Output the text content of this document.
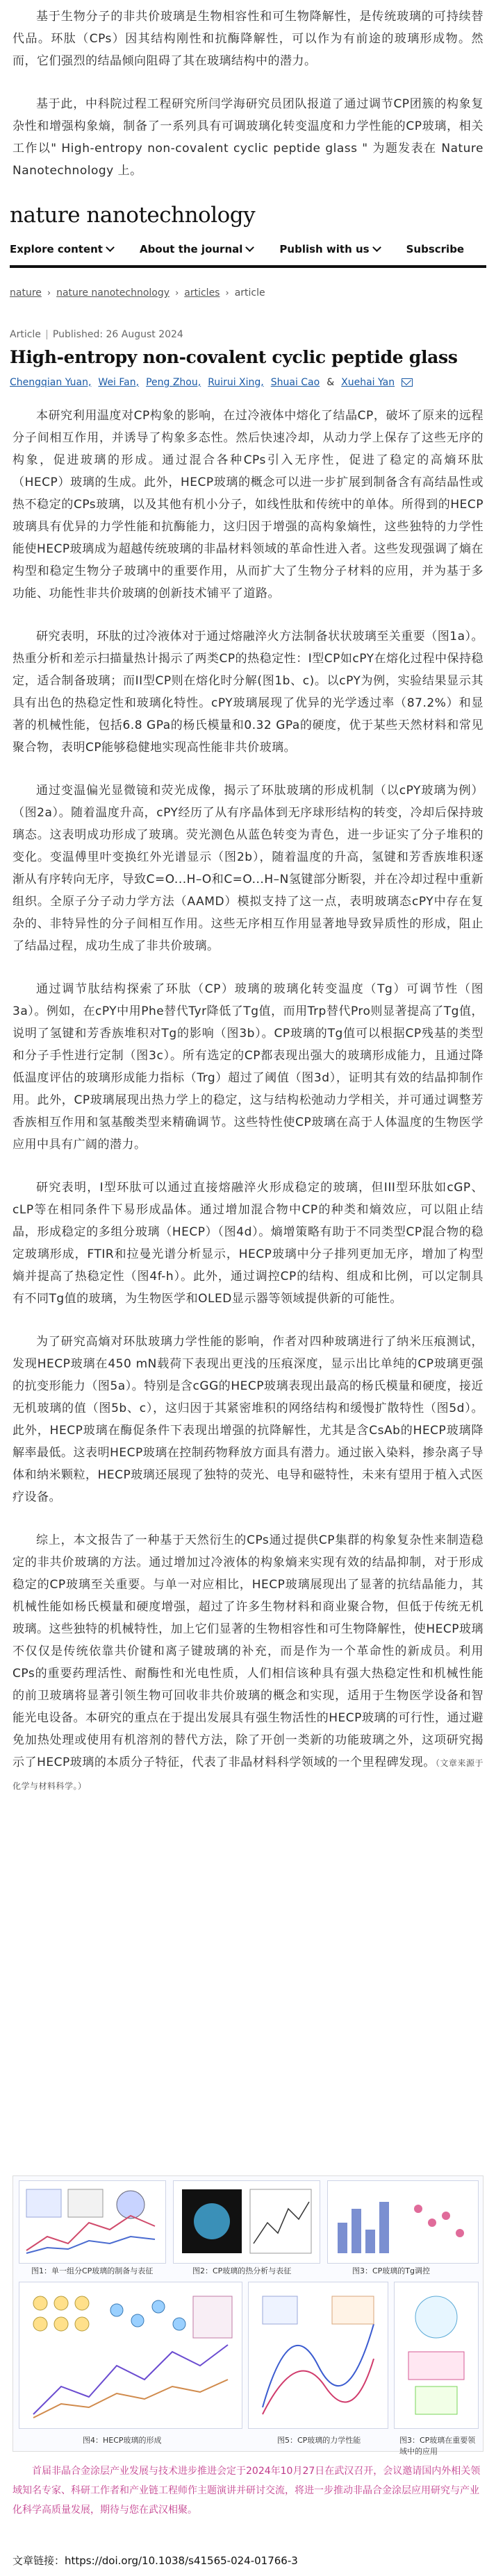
基于生物分子的非共价玻璃是生物相容性和可生物降解性，是传统玻璃的可持续替代品。环肽（CPs）因其结构刚性和抗酶降解性，可以作为有前途的玻璃形成物。然而，它们强烈的结晶倾向阻碍了其在玻璃结构中的潜力。

基于此，中科院过程工程研究所闫学海研究员团队报道了通过调节CP团簇的构象复杂性和增强构象熵，制备了一系列具有可调玻璃化转变温度和力学性能的CP玻璃，相关工作以" High-entropy non-covalent cyclic peptide glass " 为题发表在 Nature Nanotechnology 上。

nature nanotechnology
Explore content	About the journal	Publish with us	Subscribe
nature › nature nanotechnology › articles › article
Article Published: 26 August 2024
High-entropy non-covalent cyclic peptide glass
Chengqian Yuan, Wei Fan, Peng Zhou, Ruirui Xing, Shuai Cao & Xuehai Yan

本研究利用温度对CP构象的影响，在过冷液体中熔化了结晶CP，破坏了原来的远程分子间相互作用，并诱导了构象多态性。然后快速冷却，从动力学上保存了这些无序的构象，促进玻璃的形成。通过混合各种CPs引入无序性，促进了稳定的高熵环肽（HECP）玻璃的生成。此外，HECP玻璃的概念可以进一步扩展到制备含有高结晶性或热不稳定的CPs玻璃，以及其他有机小分子，如线性肽和传统中的单体。所得到的HECP玻璃具有优异的力学性能和抗酶能力，这归因于增强的高构象熵性，这些独特的力学性能使HECP玻璃成为超越传统玻璃的非晶材料领域的革命性进入者。这些发现强调了熵在构型和稳定生物分子玻璃中的重要作用，从而扩大了生物分子材料的应用，并为基于多功能、功能性非共价玻璃的创新技术铺平了道路。

研究表明，环肽的过冷液体对于通过熔融淬火方法制备状状玻璃至关重要（图1a）。热重分析和差示扫描量热计揭示了两类CP的热稳定性：I型CP如cPY在熔化过程中保持稳定，适合制备玻璃；而II型CP则在熔化时分解(图1b、c)。以cPY为例，实验结果显示其具有出色的热稳定性和玻璃化特性。cPY玻璃展现了优异的光学透过率（87.2%）和显著的机械性能，包括6.8 GPa的杨氏模量和0.32 GPa的硬度，优于某些天然材料和常见聚合物，表明CP能够稳健地实现高性能非共价玻璃。

通过变温偏光显微镜和荧光成像，揭示了环肽玻璃的形成机制（以cPY玻璃为例）（图2a）。随着温度升高，cPY经历了从有序晶体到无序球形结构的转变，冷却后保持玻璃态。这表明成功形成了玻璃。荧光测色从蓝色转变为青色，进一步证实了分子堆积的变化。变温傅里叶变换红外光谱显示（图2b），随着温度的升高，氢键和芳香族堆积逐渐从有序转向无序，导致C=O...H–O和C=O...H–N氢键部分断裂，并在冷却过程中重新组织。全原子分子动力学方法（AAMD）模拟支持了这一点，表明玻璃态cPY中存在复杂的、非特异性的分子间相互作用。这些无序相互作用显著地导致异质性的形成，阻止了结晶过程，成功生成了非共价玻璃。

通过调节肽结构探索了环肽（CP）玻璃的玻璃化转变温度（Tg）可调节性（图3a）。例如，在cPY中用Phe替代Tyr降低了Tg值，而用Trp替代Pro则显著提高了Tg值，说明了氢键和芳香族堆积对Tg的影响（图3b）。CP玻璃的Tg值可以根据CP残基的类型和分子手性进行定制（图3c）。所有选定的CP都表现出强大的玻璃形成能力，且通过降低温度评估的玻璃形成能力指标（Trg）超过了阈值（图3d），证明其有效的结晶抑制作用。此外，CP玻璃展现出热力学上的稳定，这与结构松弛动力学相关，并可通过调整芳香族相互作用和氢基酸类型来精确调节。这些特性使CP玻璃在高于人体温度的生物医学应用中具有广阔的潜力。

研究表明，I型环肽可以通过直接熔融淬火形成稳定的玻璃，但III型环肽如cGP、cLP等在相同条件下易形成晶体。通过增加混合物中CP的种类和熵效应，可以阻止结晶，形成稳定的多组分玻璃（HECP）（图4d）。熵增策略有助于不同类型CP混合物的稳定玻璃形成，FTIR和拉曼光谱分析显示，HECP玻璃中分子排列更加无序，增加了构型熵并提高了热稳定性（图4f-h）。此外，通过调控CP的结构、组成和比例，可以定制具有不同Tg值的玻璃，为生物医学和OLED显示器等领域提供新的可能性。

为了研究高熵对环肽玻璃力学性能的影响，作者对四种玻璃进行了纳米压痕测试，发现HECP玻璃在450 mN载荷下表现出更浅的压痕深度，显示出比单纯的CP玻璃更强的抗变形能力（图5a）。特别是含cGG的HECP玻璃表现出最高的杨氏模量和硬度，接近无机玻璃的值（图5b、c），这归因于其紧密堆积的网络结构和缓慢扩散特性（图5d）。此外，HECP玻璃在酶促条件下表现出增强的抗降解性，尤其是含CsAb的HECP玻璃降解率最低。这表明HECP玻璃在控制药物释放方面具有潜力。通过嵌入染料，掺杂离子导体和纳米颗粒，HECP玻璃还展现了独特的荧光、电导和磁特性，未来有望用于植入式医疗设备。

综上，本文报告了一种基于天然衍生的CPs通过提供CP集群的构象复杂性来制造稳定的非共价玻璃的方法。通过增加过冷液体的构象熵来实现有效的结晶抑制，对于形成稳定的CP玻璃至关重要。与单一对应相比，HECP玻璃展现出了显著的抗结晶能力，其机械性能如杨氏模量和硬度增强，超过了许多生物材料和商业聚合物，但低于传统无机玻璃。这些独特的机械特性，加上它们显著的生物相容性和可生物降解性，使HECP玻璃不仅仅是传统依靠共价键和离子键玻璃的补充，而是作为一个革命性的新成员。利用CPs的重要药理活性、耐酶性和光电性质，人们相信该种具有强大热稳定性和机械性能的前卫玻璃将显著引领生物可回收非共价玻璃的概念和实现，适用于生物医学设备和智能光电设备。本研究的重点在于提出发展具有强生物活性的HECP玻璃的可行性，通过避免加热处理或使用有机溶剂的替代方法，除了开创一类新的功能玻璃之外，这项研究揭示了HECP玻璃的本质分子特征，代表了非晶材料科学领域的一个里程碑发现。（文章来源于化学与材料科学。）

图1：单一组分CP玻璃的制备与表征	图2：CP玻璃的热分析与表征	图3：CP玻璃的Tg调控
图4：HECP玻璃的形成	图5：CP玻璃的力学性能	图3：CP玻璃在重要领域中的应用
首届非晶合金涂层产业发展与技术进步推进会定于2024年10月27日在武汉召开，会议邀请国内外相关领域知名专家、科研工作者和产业链工程师作主题演讲并研讨交流，将进一步推动非晶合金涂层应用研究与产业化科学高质量发展，期待与您在武汉相聚。
文章链接：https://doi.org/10.1038/s41565-024-01766-3
